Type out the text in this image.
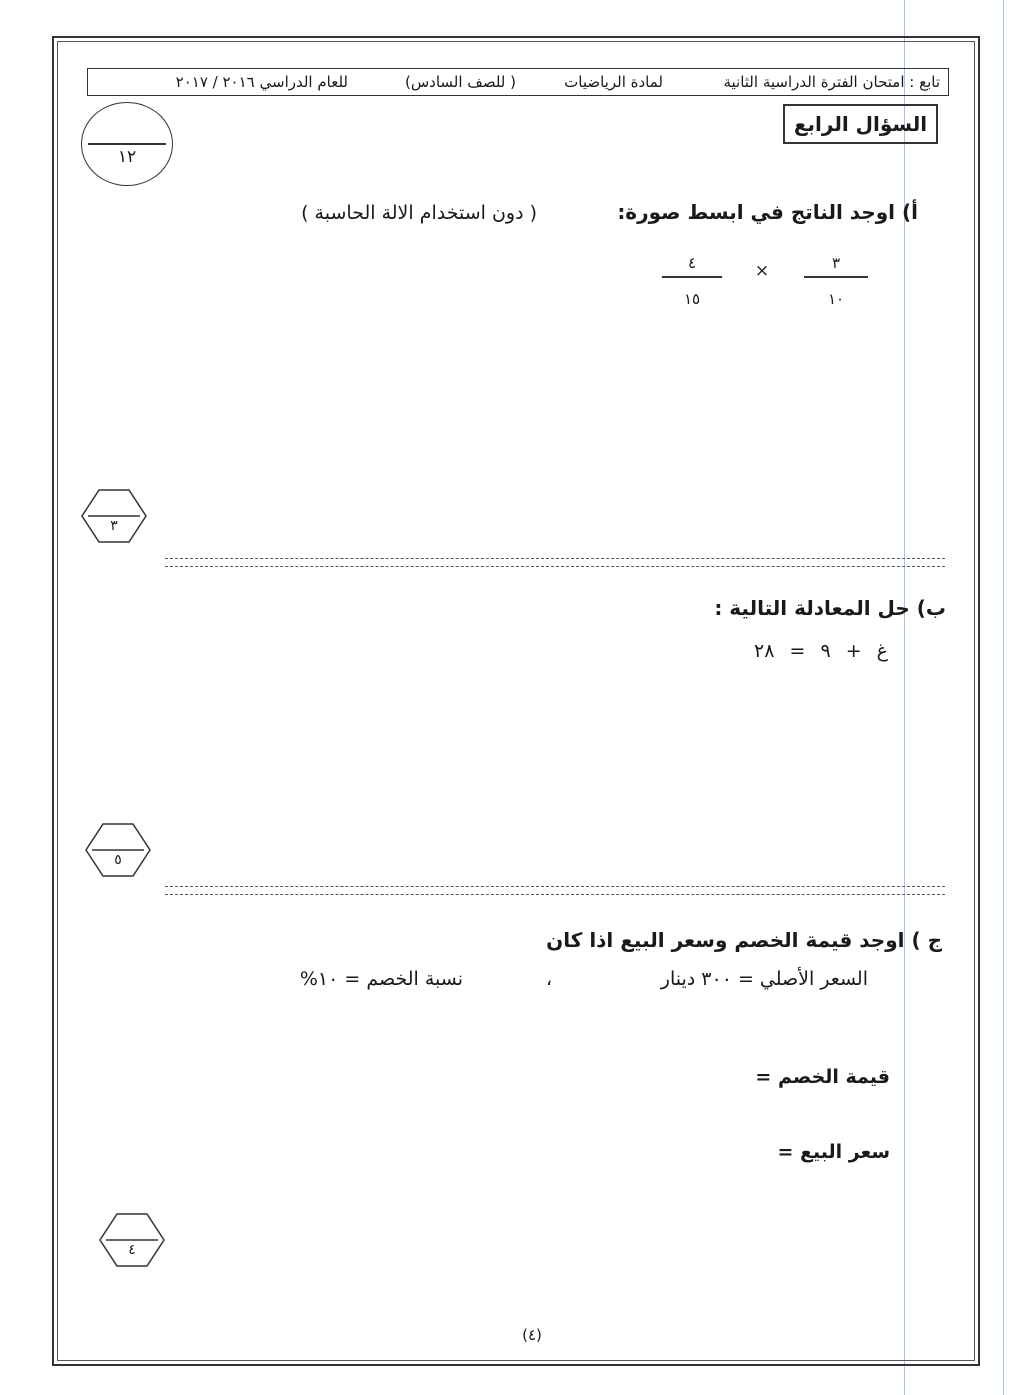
تابع : امتحان الفترة الدراسية الثانية
لمادة الرياضيات
( للصف السادس)
للعام الدراسي ٢٠١٦ / ٢٠١٧
السؤال الرابع
١٢
أ) اوجد الناتج في ابسط صورة:
( دون استخدام الالة الحاسبة )
٣
١٠
×
٤
١٥
٣
ب) حل المعادلة التالية :
غ + ٩ = ٢٨
٥
ج ) اوجد قيمة الخصم وسعر البيع اذا كان
السعر الأصلي = ٣٠٠ دينار
،
نسبة الخصم = ١٠%
قيمة الخصم =
سعر البيع =
٤
(٤)
